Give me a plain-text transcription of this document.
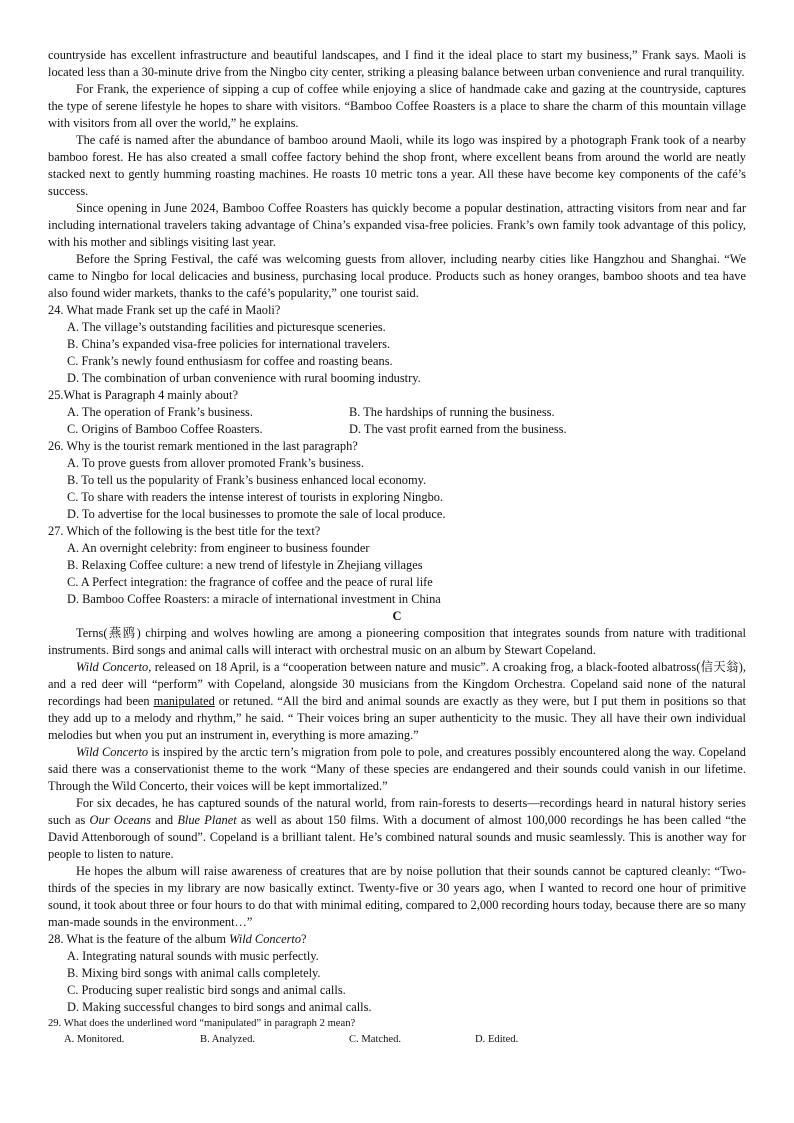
countryside has excellent infrastructure and beautiful landscapes, and I find it the ideal place to start my business,” Frank says. Maoli is located less than a 30-minute drive from the Ningbo city center, striking a pleasing balance between urban convenience and rural tranquility.

For Frank, the experience of sipping a cup of coffee while enjoying a slice of handmade cake and gazing at the countryside, captures the type of serene lifestyle he hopes to share with visitors. “Bamboo Coffee Roasters is a place to share the charm of this mountain village with visitors from all over the world,” he explains.

The café is named after the abundance of bamboo around Maoli, while its logo was inspired by a photograph Frank took of a nearby bamboo forest. He has also created a small coffee factory behind the shop front, where excellent beans from around the world are neatly stacked next to gently humming roasting machines. He roasts 10 metric tons a year. All these have become key components of the café’s success.

Since opening in June 2024, Bamboo Coffee Roasters has quickly become a popular destination, attracting visitors from near and far including international travelers taking advantage of China’s expanded visa-free policies. Frank’s own family took advantage of this policy, with his mother and siblings visiting last year.

Before the Spring Festival, the café was welcoming guests from allover, including nearby cities like Hangzhou and Shanghai. “We came to Ningbo for local delicacies and business, purchasing local produce. Products such as honey oranges, bamboo shoots and tea have also found wider markets, thanks to the café’s popularity,” one tourist said.

24. What made Frank set up the café in Maoli?

A. The village’s outstanding facilities and picturesque sceneries.

B. China’s expanded visa-free policies for international travelers.

C. Frank’s newly found enthusiasm for coffee and roasting beans.

D. The combination of urban convenience with rural booming industry.

25.What is Paragraph 4 mainly about?

A. The operation of Frank’s business.	B. The hardships of running the business.

C. Origins of Bamboo Coffee Roasters.	D. The vast profit earned from the business.

26. Why is the tourist remark mentioned in the last paragraph?

A. To prove guests from allover promoted Frank’s business.

B. To tell us the popularity of Frank’s business enhanced local economy.

C. To share with readers the intense interest of tourists in exploring Ningbo.

D. To advertise for the local businesses to promote the sale of local produce.

27. Which of the following is the best title for the text?

A. An overnight celebrity: from engineer to business founder

B. Relaxing Coffee culture: a new trend of lifestyle in Zhejiang villages

C. A Perfect integration: the fragrance of coffee and the peace of rural life

D. Bamboo Coffee Roasters: a miracle of international investment in China

C

Terns(燕鸥) chirping and wolves howling are among a pioneering composition that integrates sounds from nature with traditional instruments. Bird songs and animal calls will interact with orchestral music on an album by Stewart Copeland.

Wild Concerto, released on 18 April, is a “cooperation between nature and music”. A croaking frog, a black-footed albatross(信天翁), and a red deer will “perform” with Copeland, alongside 30 musicians from the Kingdom Orchestra. Copeland said none of the natural recordings had been manipulated or retuned. “All the bird and animal sounds are exactly as they were, but I put them in positions so that they add up to a melody and rhythm,” he said. “ Their voices bring an super authenticity to the music. They all have their own individual melodies but when you put an instrument in, everything is more amazing.”

Wild Concerto is inspired by the arctic tern’s migration from pole to pole, and creatures possibly encountered along the way. Copeland said there was a conservationist theme to the work “Many of these species are endangered and their sounds could vanish in our lifetime. Through the Wild Concerto, their voices will be kept immortalized.”

For six decades, he has captured sounds of the natural world, from rain-forests to deserts—recordings heard in natural history series such as Our Oceans and Blue Planet as well as about 150 films. With a document of almost 100,000 recordings he has been called “the David Attenborough of sound”. Copeland is a brilliant talent. He’s combined natural sounds and music seamlessly. This is another way for people to listen to nature.

He hopes the album will raise awareness of creatures that are by noise pollution that their sounds cannot be captured cleanly: “Two-thirds of the species in my library are now basically extinct. Twenty-five or 30 years ago, when I wanted to record one hour of primitive sound, it took about three or four hours to do that with minimal editing, compared to 2,000 recording hours today, because there are so many man-made sounds in the environment…”

28. What is the feature of the album Wild Concerto?

A. Integrating natural sounds with music perfectly.

B. Mixing bird songs with animal calls completely.

C. Producing super realistic bird songs and animal calls.

D. Making successful changes to bird songs and animal calls.

29. What does the underlined word “manipulated” in paragraph 2 mean?

A. Monitored.	B. Analyzed.	C. Matched.	D. Edited.
